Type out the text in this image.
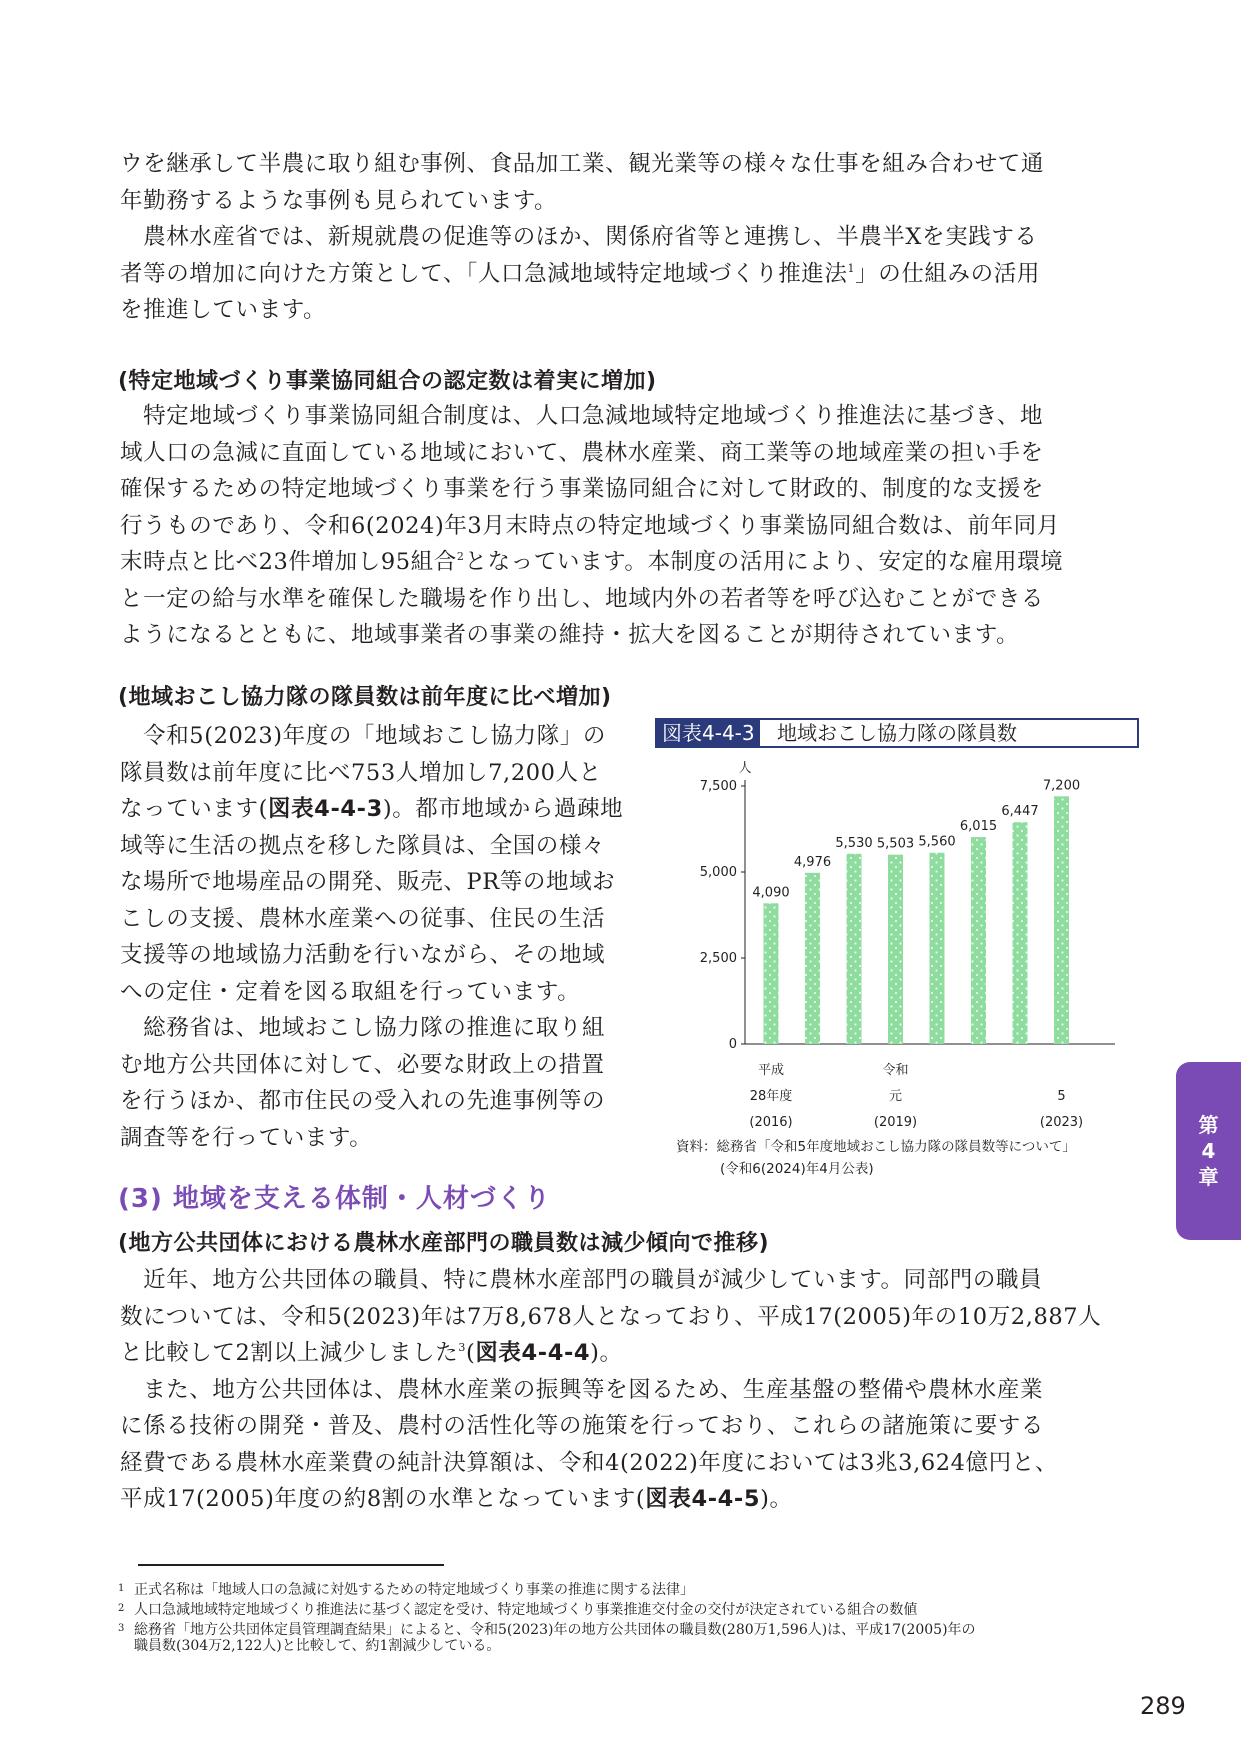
ウを継承して半農に取り組む事例、食品加工業、観光業等の様々な仕事を組み合わせて通
年勤務するような事例も見られています。
　農林水産省では、新規就農の促進等のほか、関係府省等と連携し、半農半Xを実践する
者等の増加に向けた方策として、「人口急減地域特定地域づくり推進法$^1$」の仕組みの活用
を推進しています。
(特定地域づくり事業協同組合の認定数は着実に増加)
　特定地域づくり事業協同組合制度は、人口急減地域特定地域づくり推進法に基づき、地
域人口の急減に直面している地域において、農林水産業、商工業等の地域産業の担い手を
確保するための特定地域づくり事業を行う事業協同組合に対して財政的、制度的な支援を
行うものであり、令和6(2024)年3月末時点の特定地域づくり事業協同組合数は、前年同月
末時点と比べ23件増加し95組合$^2$となっています。本制度の活用により、安定的な雇用環境
と一定の給与水準を確保した職場を作り出し、地域内外の若者等を呼び込むことができる
ようになるとともに、地域事業者の事業の維持・拡大を図ることが期待されています。
(地域おこし協力隊の隊員数は前年度に比べ増加)
　令和5(2023)年度の「地域おこし協力隊」の
隊員数は前年度に比べ753人増加し7,200人と
なっています(図表4-4-3)。都市地域から過疎地
域等に生活の拠点を移した隊員は、全国の様々
な場所で地場産品の開発、販売、PR等の地域お
こしの支援、農林水産業への従事、住民の生活
支援等の地域協力活動を行いながら、その地域
への定住・定着を図る取組を行っています。
　総務省は、地域おこし協力隊の推進に取り組
む地方公共団体に対して、必要な財政上の措置
を行うほか、都市住民の受入れの先進事例等の
調査等を行っています。
図表4-4-3 地域おこし協力隊の隊員数
人
0
2,500
5,000
7,500
4,090
4,976
5,530 5,503 5,560
6,015
6,447
7,200
平成
28年度
(2016)
令和
元
(2019)
5
(2023)
資料：総務省「令和5年度地域おこし協力隊の隊員数等について」
(令和6(2024)年4月公表)
(3) 地域を支える体制・人材づくり
(地方公共団体における農林水産部門の職員数は減少傾向で推移)
　近年、地方公共団体の職員、特に農林水産部門の職員が減少しています。同部門の職員
数については、令和5(2023)年は7万8,678人となっており、平成17(2005)年の10万2,887人
と比較して2割以上減少しました$^3$(図表4-4-4)。
　また、地方公共団体は、農林水産業の振興等を図るため、生産基盤の整備や農林水産業
に係る技術の開発・普及、農村の活性化等の施策を行っており、これらの諸施策に要する
経費である農林水産業費の純計決算額は、令和4(2022)年度においては3兆3,624億円と、
平成17(2005)年度の約8割の水準となっています(図表4-4-5)。
第
4
章
1 正式名称は「地域人口の急減に対処するための特定地域づくり事業の推進に関する法律」
2 人口急減地域特定地域づくり推進法に基づく認定を受け、特定地域づくり事業推進交付金の交付が決定されている組合の数値
3 総務省「地方公共団体定員管理調査結果」によると、令和5(2023)年の地方公共団体の職員数(280万1,596人)は、平成17(2005)年の
職員数(304万2,122人)と比較して、約1割減少している。
289
